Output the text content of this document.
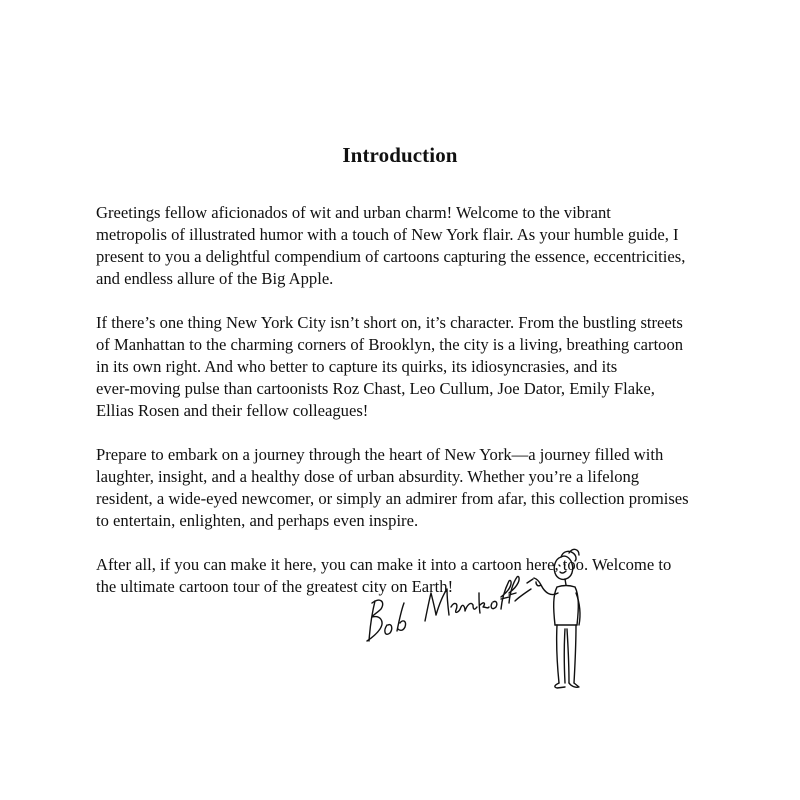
Introduction

Greetings fellow aficionados of wit and urban charm! Welcome to the vibrant
metropolis of illustrated humor with a touch of New York flair. As your humble guide, I
present to you a delightful compendium of cartoons capturing the essence, eccentricities,
and endless allure of the Big Apple.

If there’s one thing New York City isn’t short on, it’s character. From the bustling streets
of Manhattan to the charming corners of Brooklyn, the city is a living, breathing cartoon
in its own right. And who better to capture its quirks, its idiosyncrasies, and its
ever-moving pulse than cartoonists Roz Chast, Leo Cullum, Joe Dator, Emily Flake,
Ellias Rosen and their fellow colleagues!

Prepare to embark on a journey through the heart of New York—a journey filled with
laughter, insight, and a healthy dose of urban absurdity. Whether you’re a lifelong
resident, a wide-eyed newcomer, or simply an admirer from afar, this collection promises
to entertain, enlighten, and perhaps even inspire.

After all, if you can make it here, you can make it into a cartoon here, too. Welcome to
the ultimate cartoon tour of the greatest city on Earth!
